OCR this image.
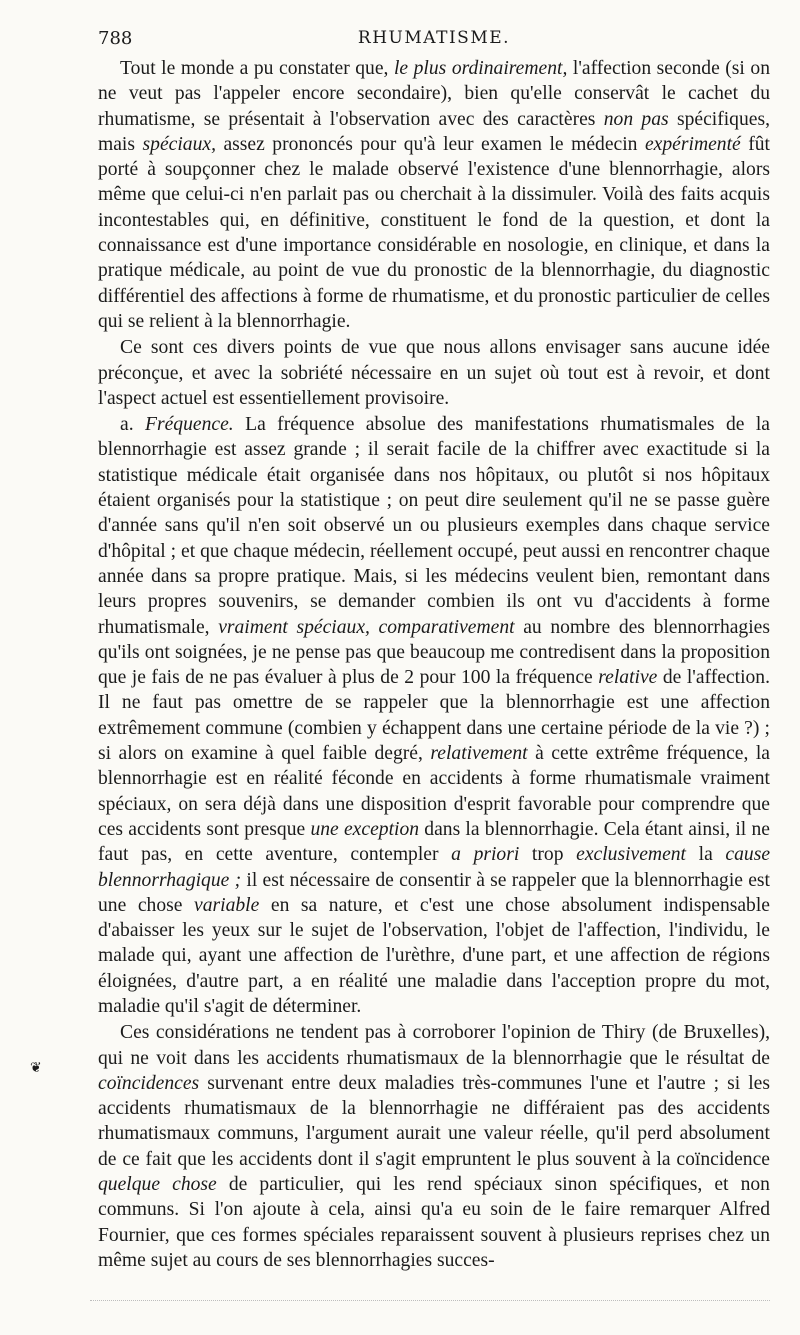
788	RHUMATISME.

Tout le monde a pu constater que, le plus ordinairement, l'affection seconde (si on ne veut pas l'appeler encore secondaire), bien qu'elle conservât le cachet du rhumatisme, se présentait à l'observation avec des caractères non pas spécifiques, mais spéciaux, assez prononcés pour qu'à leur examen le médecin expérimenté fût porté à soupçonner chez le malade observé l'existence d'une blennorrhagie, alors même que celui-ci n'en parlait pas ou cherchait à la dissimuler. Voilà des faits acquis incontestables qui, en définitive, constituent le fond de la question, et dont la connaissance est d'une importance considérable en nosologie, en clinique, et dans la pratique médicale, au point de vue du pronostic de la blennorrhagie, du diagnostic différentiel des affections à forme de rhumatisme, et du pronostic particulier de celles qui se relient à la blennorrhagie.

Ce sont ces divers points de vue que nous allons envisager sans aucune idée préconçue, et avec la sobriété nécessaire en un sujet où tout est à revoir, et dont l'aspect actuel est essentiellement provisoire.

a. Fréquence. La fréquence absolue des manifestations rhumatismales de la blennorrhagie est assez grande ; il serait facile de la chiffrer avec exactitude si la statistique médicale était organisée dans nos hôpitaux, ou plutôt si nos hôpitaux étaient organisés pour la statistique ; on peut dire seulement qu'il ne se passe guère d'année sans qu'il n'en soit observé un ou plusieurs exemples dans chaque service d'hôpital ; et que chaque médecin, réellement occupé, peut aussi en rencontrer chaque année dans sa propre pratique. Mais, si les médecins veulent bien, remontant dans leurs propres souvenirs, se demander combien ils ont vu d'accidents à forme rhumatismale, vraiment spéciaux, comparativement au nombre des blennorrhagies qu'ils ont soignées, je ne pense pas que beaucoup me contredisent dans la proposition que je fais de ne pas évaluer à plus de 2 pour 100 la fréquence relative de l'affection. Il ne faut pas omettre de se rappeler que la blennorrhagie est une affection extrêmement commune (combien y échappent dans une certaine période de la vie ?) ; si alors on examine à quel faible degré, relativement à cette extrême fréquence, la blennorrhagie est en réalité féconde en accidents à forme rhumatismale vraiment spéciaux, on sera déjà dans une disposition d'esprit favorable pour comprendre que ces accidents sont presque une exception dans la blennorrhagie. Cela étant ainsi, il ne faut pas, en cette aventure, contempler a priori trop exclusivement la cause blennorrhagique ; il est nécessaire de consentir à se rappeler que la blennorrhagie est une chose variable en sa nature, et c'est une chose absolument indispensable d'abaisser les yeux sur le sujet de l'observation, l'objet de l'affection, l'individu, le malade qui, ayant une affection de l'urèthre, d'une part, et une affection de régions éloignées, d'autre part, a en réalité une maladie dans l'acception propre du mot, maladie qu'il s'agit de déterminer.

Ces considérations ne tendent pas à corroborer l'opinion de Thiry (de Bruxelles), qui ne voit dans les accidents rhumatismaux de la blennorrhagie que le résultat de coïncidences survenant entre deux maladies très-communes l'une et l'autre ; si les accidents rhumatismaux de la blennorrhagie ne différaient pas des accidents rhumatismaux communs, l'argument aurait une valeur réelle, qu'il perd absolument de ce fait que les accidents dont il s'agit empruntent le plus souvent à la coïncidence quelque chose de particulier, qui les rend spéciaux sinon spécifiques, et non communs. Si l'on ajoute à cela, ainsi qu'a eu soin de le faire remarquer Alfred Fournier, que ces formes spéciales reparaissent souvent à plusieurs reprises chez un même sujet au cours de ses blennorrhagies succes-

❦
